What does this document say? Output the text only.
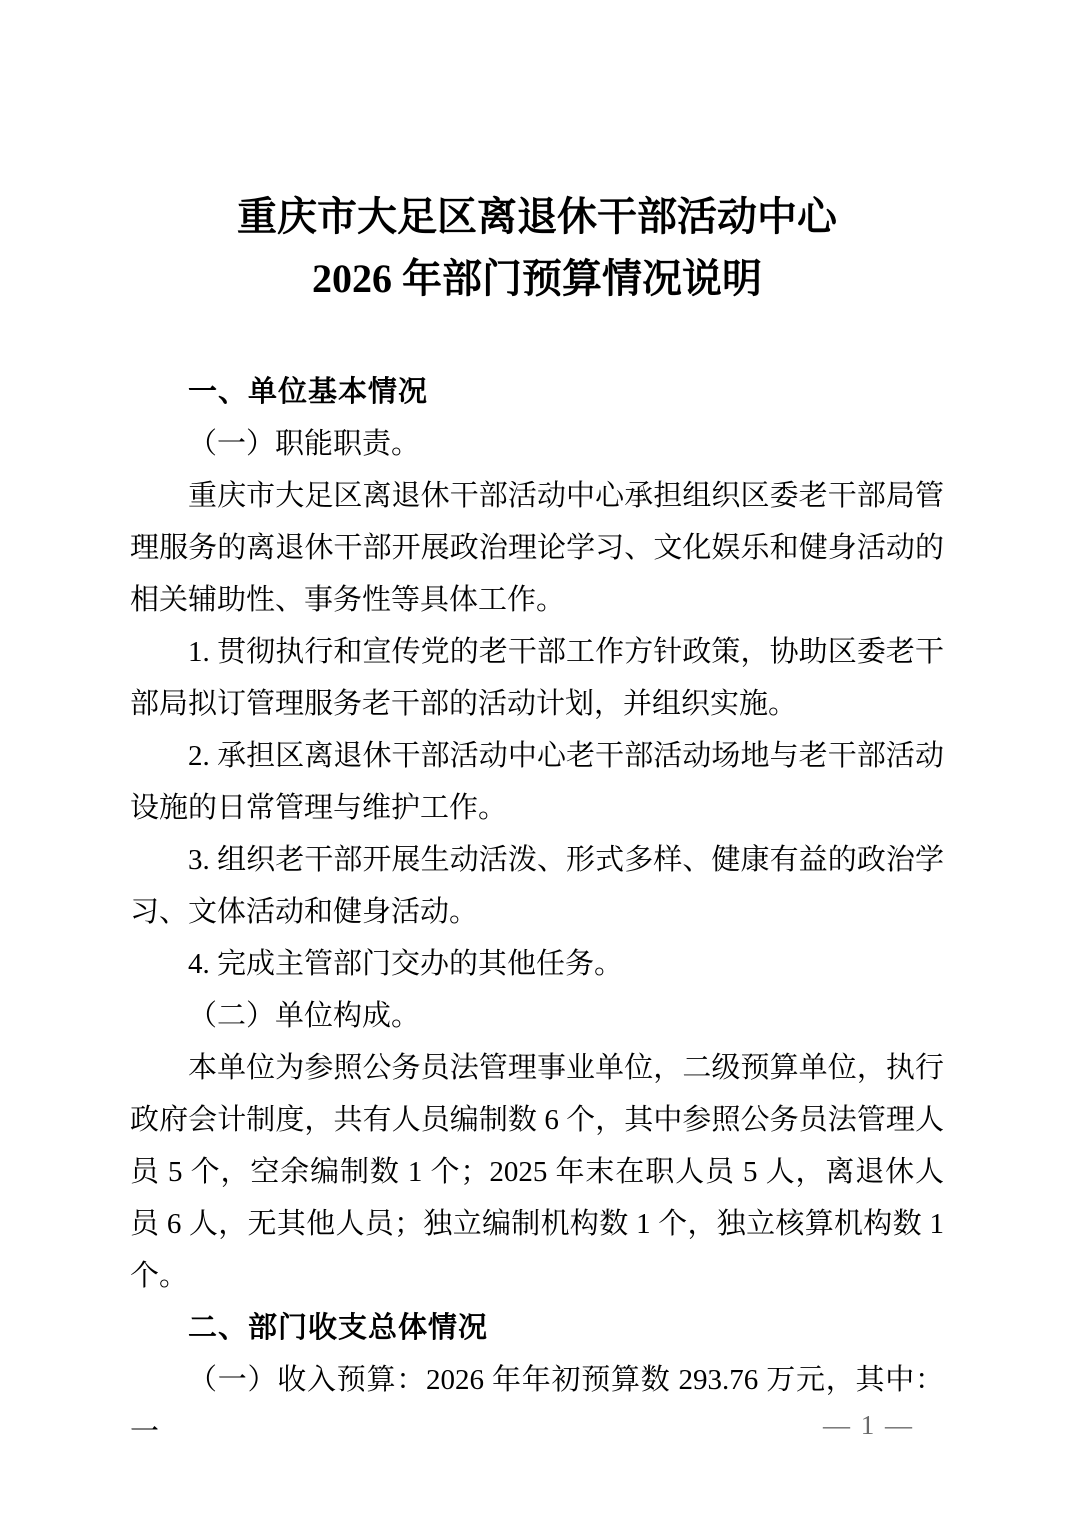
重庆市大足区离退休干部活动中心
2026 年部门预算情况说明

一、单位基本情况

（一）职能职责。

重庆市大足区离退休干部活动中心承担组织区委老干部局管理服务的离退休干部开展政治理论学习、文化娱乐和健身活动的相关辅助性、事务性等具体工作。

1. 贯彻执行和宣传党的老干部工作方针政策，协助区委老干部局拟订管理服务老干部的活动计划，并组织实施。

2. 承担区离退休干部活动中心老干部活动场地与老干部活动设施的日常管理与维护工作。

3. 组织老干部开展生动活泼、形式多样、健康有益的政治学习、文体活动和健身活动。

4. 完成主管部门交办的其他任务。

（二）单位构成。

本单位为参照公务员法管理事业单位，二级预算单位，执行政府会计制度，共有人员编制数 6 个，其中参照公务员法管理人员 5 个，空余编制数 1 个；2025 年末在职人员 5 人，离退休人员 6 人，无其他人员；独立编制机构数 1 个，独立核算机构数 1 个。

二、部门收支总体情况

（一）收入预算：2026 年年初预算数 293.76 万元，其中：一	— 1 —
